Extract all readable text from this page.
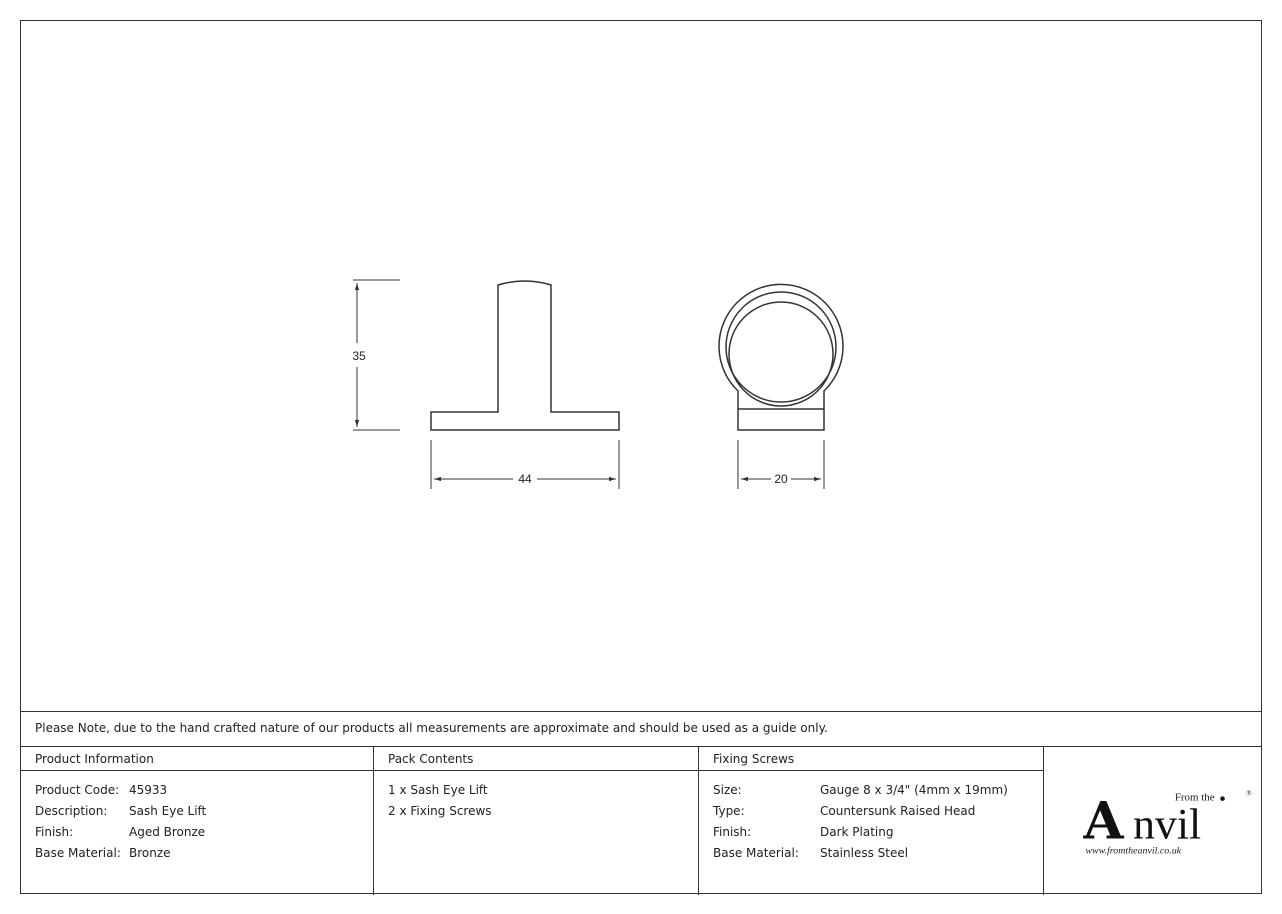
35
44	20
Please Note, due to the hand crafted nature of our products all measurements are approximate and should be used as a guide only.
Product Information
Product Code: 45933
Description: Sash Eye Lift
Finish:	Aged Bronze
Base Material: Bronze
Pack Contents
1 x Sash Eye Lift
2 x Fixing Screws
Fixing Screws
Size:	Gauge 8 x 3/4" (4mm x 19mm)
Type:	Countersunk Raised Head
Finish:	Dark Plating
Base Material: Stainless Steel
From the	®
A nvil
www.fromtheanvil.co.uk
